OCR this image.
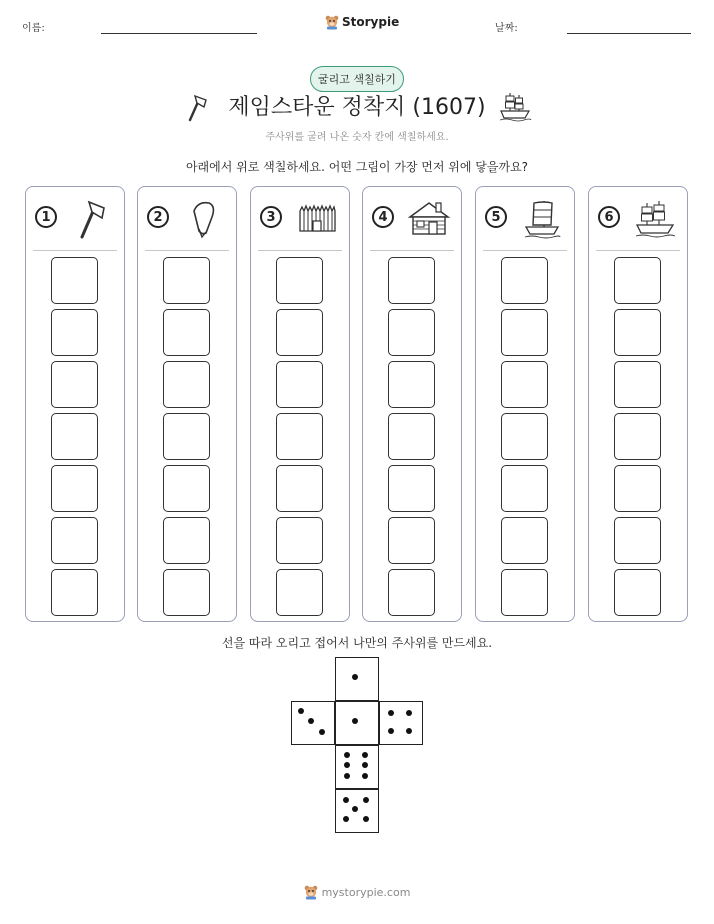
이름:	Storypie	날짜:
굴리고 색칠하기
제임스타운 정착지 (1607)
주사위를 굴려 나온 숫자 칸에 색칠하세요.
아래에서 위로 색칠하세요. 어떤 그림이 가장 먼저 위에 닿을까요?
1	2	3	4	5	6
선을 따라 오리고 접어서 나만의 주사위를 만드세요.
mystorypie.com
